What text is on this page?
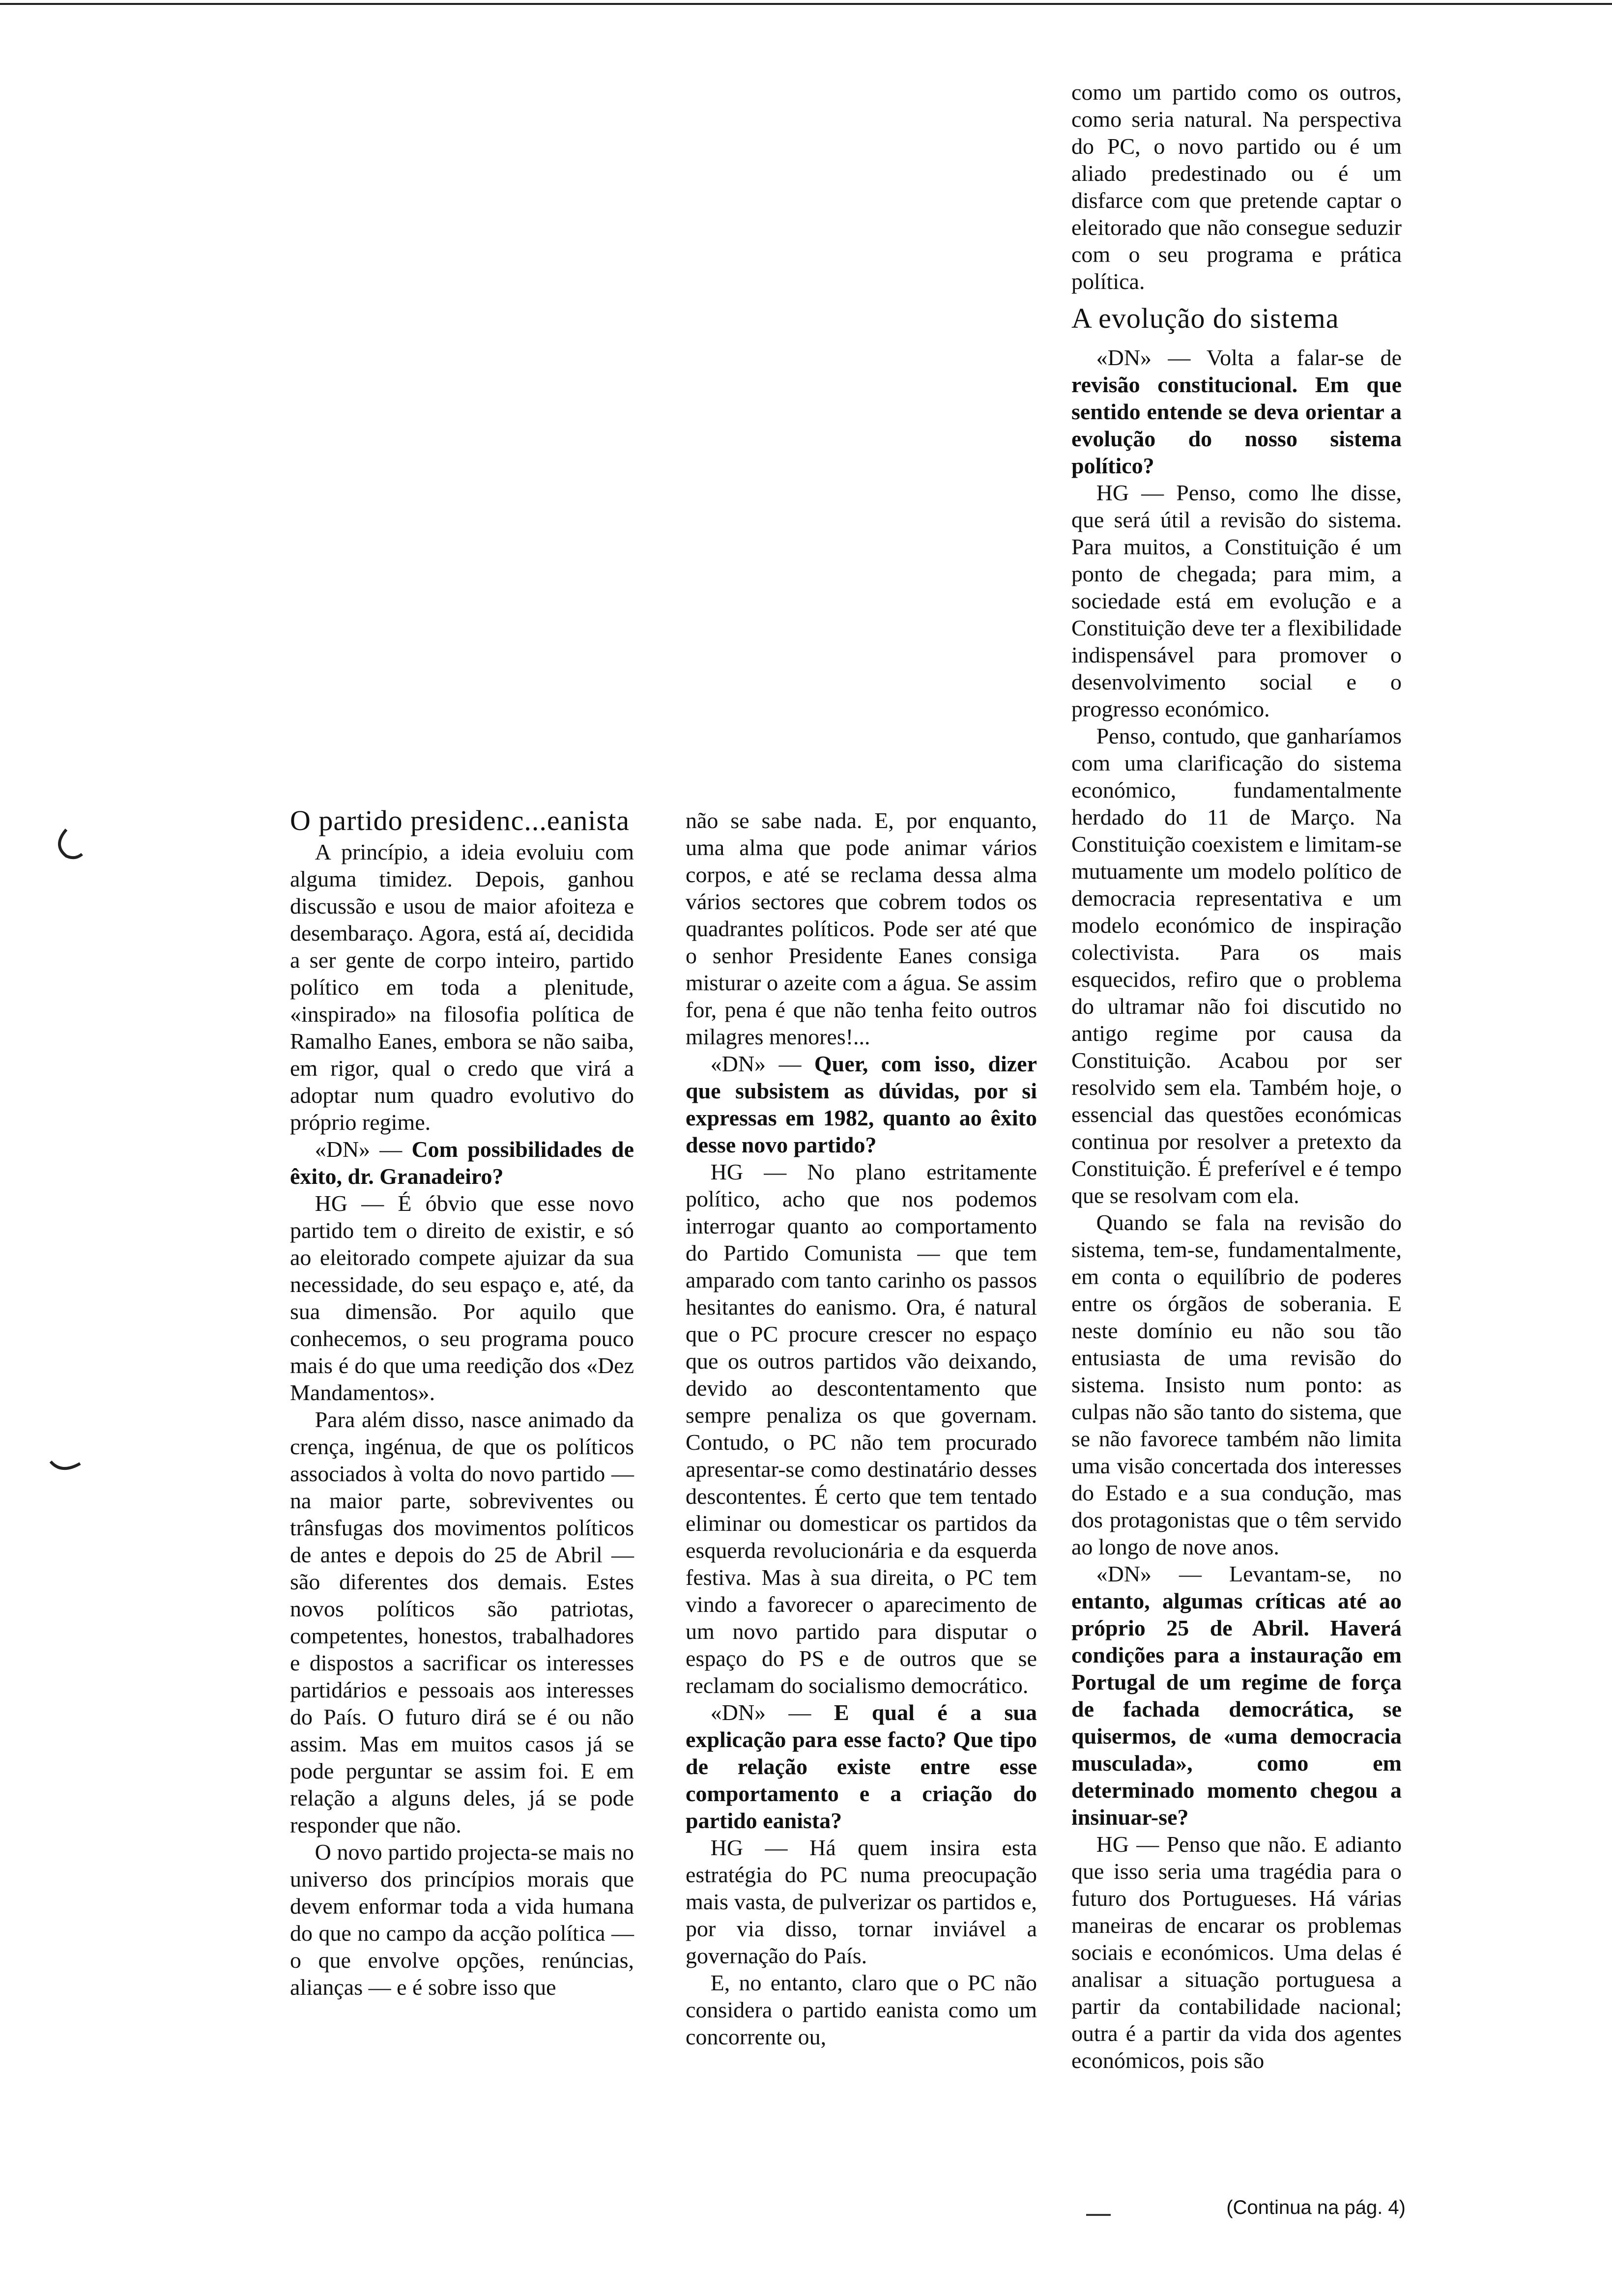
O partido presidenc...eanista

A princípio, a ideia evoluiu com alguma timidez. Depois, ganhou discussão e usou de maior afoiteza e desembaraço. Agora, está aí, decidida a ser gente de corpo inteiro, partido político em toda a plenitude, «inspirado» na filosofia política de Ramalho Eanes, embora se não saiba, em rigor, qual o credo que virá a adoptar num quadro evolutivo do próprio regime.

«DN» — Com possibilidades de êxito, dr. Granadeiro?

HG — É óbvio que esse novo partido tem o direito de existir, e só ao eleitorado compete ajuizar da sua necessidade, do seu espaço e, até, da sua dimensão. Por aquilo que conhecemos, o seu programa pouco mais é do que uma reedição dos «Dez Mandamentos».

Para além disso, nasce animado da crença, ingénua, de que os políticos associados à volta do novo partido — na maior parte, sobreviventes ou trânsfugas dos movimentos políticos de antes e depois do 25 de Abril — são diferentes dos demais. Estes novos políticos são patriotas, competentes, honestos, trabalhadores e dispostos a sacrificar os interesses partidários e pessoais aos interesses do País. O futuro dirá se é ou não assim. Mas em muitos casos já se pode perguntar se assim foi. E em relação a alguns deles, já se pode responder que não.

O novo partido projecta-se mais no universo dos princípios morais que devem enformar toda a vida humana do que no campo da acção política — o que envolve opções, renúncias, alianças — e é sobre isso que

não se sabe nada. E, por enquanto, uma alma que pode animar vários corpos, e até se reclama dessa alma vários sectores que cobrem todos os quadrantes políticos. Pode ser até que o senhor Presidente Eanes consiga misturar o azeite com a água. Se assim for, pena é que não tenha feito outros milagres menores!...

«DN» — Quer, com isso, dizer que subsistem as dúvidas, por si expressas em 1982, quanto ao êxito desse novo partido?

HG — No plano estritamente político, acho que nos podemos interrogar quanto ao comportamento do Partido Comunista — que tem amparado com tanto carinho os passos hesitantes do eanismo. Ora, é natural que o PC procure crescer no espaço que os outros partidos vão deixando, devido ao descontentamento que sempre penaliza os que governam. Contudo, o PC não tem procurado apresentar-se como destinatário desses descontentes. É certo que tem tentado eliminar ou domesticar os partidos da esquerda revolucionária e da esquerda festiva. Mas à sua direita, o PC tem vindo a favorecer o aparecimento de um novo partido para disputar o espaço do PS e de outros que se reclamam do socialismo democrático.

«DN» — E qual é a sua explicação para esse facto? Que tipo de relação existe entre esse comportamento e a criação do partido eanista?

HG — Há quem insira esta estratégia do PC numa preocupação mais vasta, de pulverizar os partidos e, por via disso, tornar inviável a governação do País.

E, no entanto, claro que o PC não considera o partido eanista como um concorrente ou,

como um partido como os outros, como seria natural. Na perspectiva do PC, o novo partido ou é um aliado predestinado ou é um disfarce com que pretende captar o eleitorado que não consegue seduzir com o seu programa e prática política.

A evolução do sistema

«DN» — Volta a falar-se de revisão constitucional. Em que sentido entende se deva orientar a evolução do nosso sistema político?

HG — Penso, como lhe disse, que será útil a revisão do sistema. Para muitos, a Constituição é um ponto de chegada; para mim, a sociedade está em evolução e a Constituição deve ter a flexibilidade indispensável para promover o desenvolvimento social e o progresso económico.

Penso, contudo, que ganharíamos com uma clarificação do sistema económico, fundamentalmente herdado do 11 de Março. Na Constituição coexistem e limitam-se mutuamente um modelo político de democracia representativa e um modelo económico de inspiração colectivista. Para os mais esquecidos, refiro que o problema do ultramar não foi discutido no antigo regime por causa da Constituição. Acabou por ser resolvido sem ela. Também hoje, o essencial das questões económicas continua por resolver a pretexto da Constituição. É preferível e é tempo que se resolvam com ela.

Quando se fala na revisão do sistema, tem-se, fundamentalmente, em conta o equilíbrio de poderes entre os órgãos de soberania. E neste domínio eu não sou tão entusiasta de uma revisão do sistema. Insisto num ponto: as culpas não são tanto do sistema, que se não favorece também não limita uma visão concertada dos interesses do Estado e a sua condução, mas dos protagonistas que o têm servido ao longo de nove anos.

«DN» — Levantam-se, no entanto, algumas críticas até ao próprio 25 de Abril. Haverá condições para a instauração em Portugal de um regime de força de fachada democrática, se quisermos, de «uma democracia musculada», como em determinado momento chegou a insinuar-se?

HG — Penso que não. E adianto que isso seria uma tragédia para o futuro dos Portugueses. Há várias maneiras de encarar os problemas sociais e económicos. Uma delas é analisar a situação portuguesa a partir da contabilidade nacional; outra é a partir da vida dos agentes económicos, pois são

(Continua na pág. 4)
